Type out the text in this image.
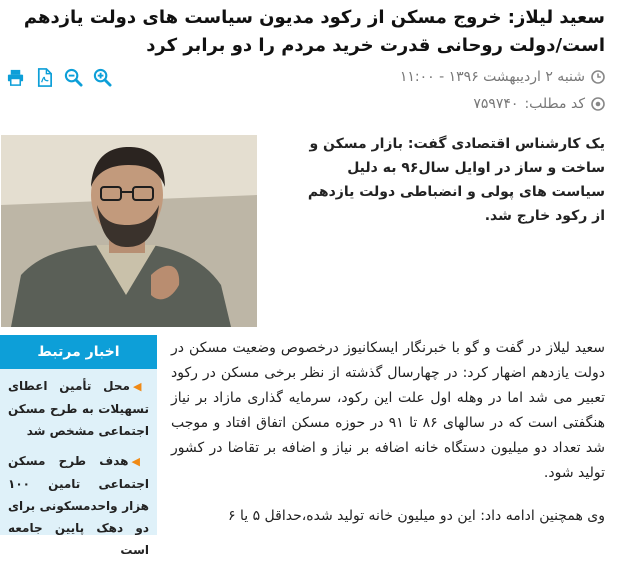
سعید لیلاز: خروج مسکن از رکود مدیون سیاست های دولت یازدهم است/دولت روحانی قدرت خرید مردم را دو برابر کرد
شنبه ۲ اردیبهشت ۱۳۹۶ - ۱۱:۰۰
کد مطلب:
۷۵۹۷۴۰
یک کارشناس اقتصادی گفت: بازار مسکن و ساخت و ساز در اوایل سال۹۶ به دلیل سیاست های پولی و انضباطی دولت یازدهم از رکود خارج شد.
اخبار مرتبط
◀محل تأمین اعطای تسهیلات به طرح مسکن اجتماعی مشخص شد
◀هدف طرح مسکن اجتماعی تامین ۱۰۰ هزار واحدمسکونی برای دو دهک پایین جامعه است

سعید لیلاز در گفت و گو با خبرنگار ایسکانیوز درخصوص وضعیت مسکن در دولت یازدهم اضهار کرد: در چهارسال گذشته از نظر برخی مسکن در رکود تعبیر می شد اما در وهله اول علت این رکود، سرمایه گذاری مازاد بر نیاز هنگفتی است که در سالهای ۸۶ تا ۹۱ در حوزه مسکن اتفاق افتاد و موجب شد تعداد دو میلیون دستگاه خانه اضافه بر نیاز و اضافه بر تقاضا در کشور تولید شود.

وی همچنین ادامه داد: این دو میلیون خانه تولید شده،حداقل ۵ یا ۶
